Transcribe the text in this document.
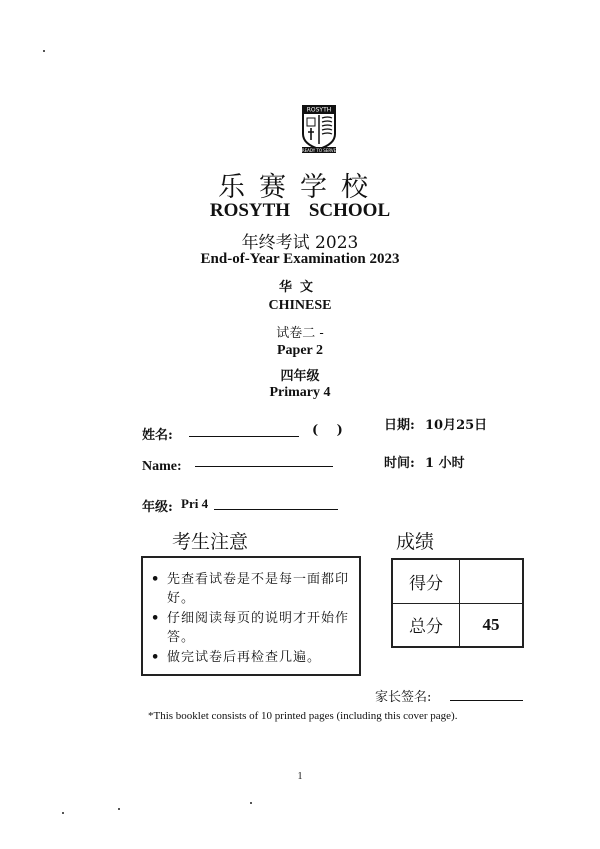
ROSYTH
READY TO SERVE
乐赛学校
ROSYTH SCHOOL
年终考试 2023
End-of-Year Examination 2023
华文
CHINESE
试卷二 -
Paper 2
四年级
Primary 4
姓名:	( )	日期: 10月25日
Name:	时间: 1 小时
年级: Pri 4
考生注意
• 先查看试卷是不是每一面都印好。
• 仔细阅读每页的说明才开始作答。
• 做完试卷后再检查几遍。
成绩
得分	
总分	45
家长签名:
*This booklet consists of 10 printed pages (including this cover page).
1
